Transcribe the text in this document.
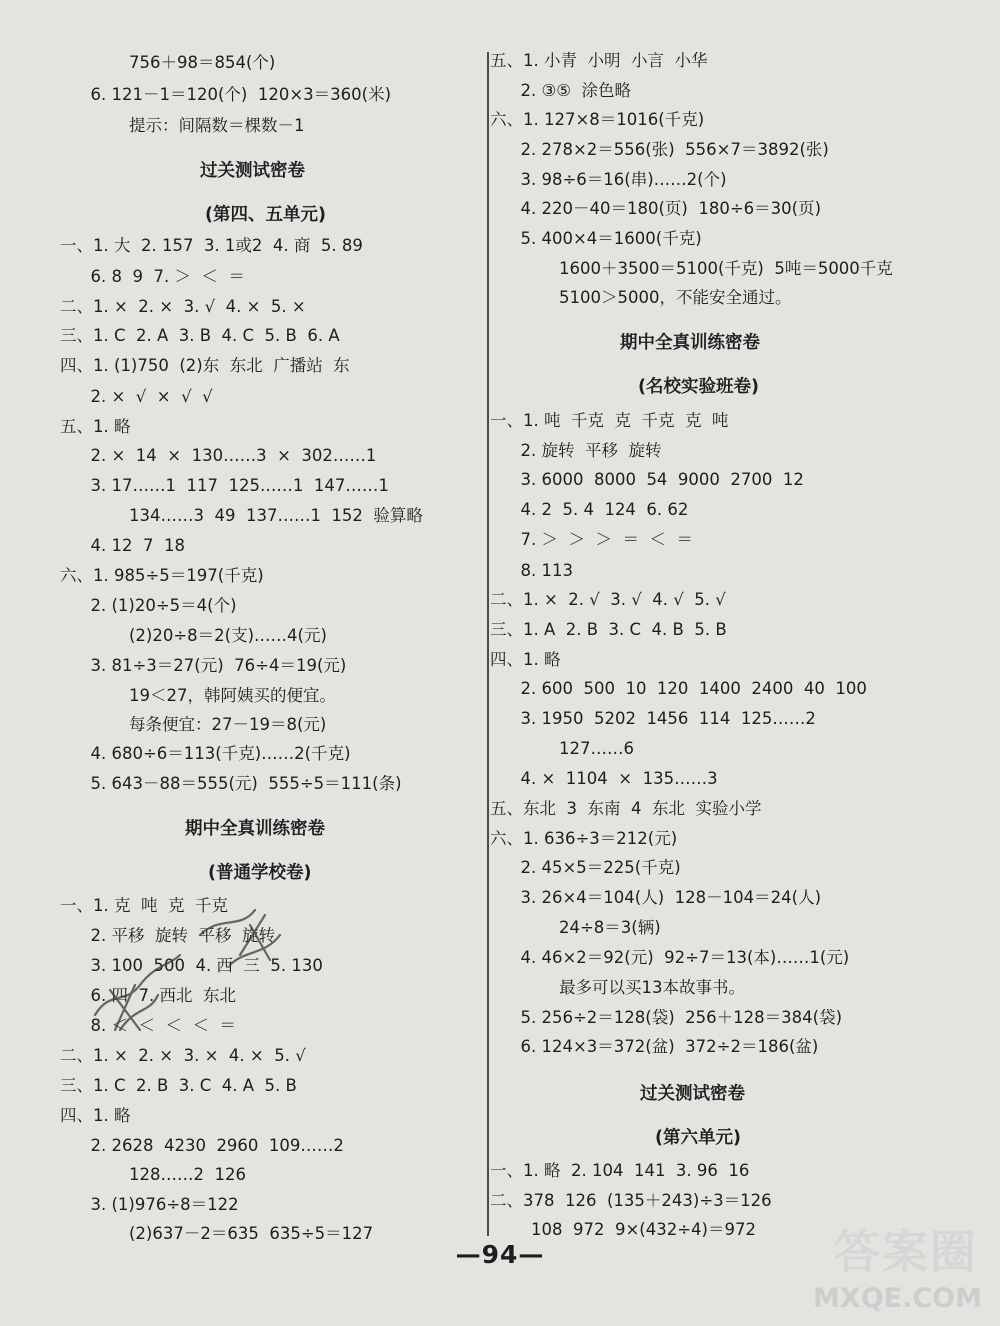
756＋98＝854(个)
6. 121－1＝120(个)  120×3＝360(米)
提示：间隔数＝棵数－1
过关测试密卷
(第四、五单元)
一、1. 大  2. 157  3. 1或2  4. 商  5. 89
6. 8  9  7. ＞  ＜  ＝
二、1. ×  2. ×  3. √  4. ×  5. ×
三、1. C  2. A  3. B  4. C  5. B  6. A
四、1. (1)750  (2)东  东北  广播站  东
2. ×  √  ×  √  √
五、1. 略
2. ×  14  ×  130……3  ×  302……1
3. 17……1  117  125……1  147……1
134……3  49  137……1  152  验算略
4. 12  7  18
六、1. 985÷5＝197(千克)
2. (1)20÷5＝4(个)
(2)20÷8＝2(支)……4(元)
3. 81÷3＝27(元)  76÷4＝19(元)
19＜27，韩阿姨买的便宜。
每条便宜：27－19＝8(元)
4. 680÷6＝113(千克)……2(千克)
5. 643－88＝555(元)  555÷5＝111(条)
期中全真训练密卷
(普通学校卷)
一、1. 克  吨  克  千克
2. 平移  旋转  平移  旋转
3. 100  500  4. 西  三  5. 130
6. 四  7. 西北  东北
8. ＜  ＜  ＜  ＜  ＝
二、1. ×  2. ×  3. ×  4. ×  5. √
三、1. C  2. B  3. C  4. A  5. B
四、1. 略
2. 2628  4230  2960  109……2
128……2  126
3. (1)976÷8＝122
(2)637－2＝635  635÷5＝127
五、1. 小青  小明  小言  小华
2. ③⑤  涂色略
六、1. 127×8＝1016(千克)
2. 278×2＝556(张)  556×7＝3892(张)
3. 98÷6＝16(串)……2(个)
4. 220－40＝180(页)  180÷6＝30(页)
5. 400×4＝1600(千克)
1600＋3500＝5100(千克)  5吨＝5000千克
5100＞5000，不能安全通过。
期中全真训练密卷
(名校实验班卷)
一、1. 吨  千克  克  千克  克  吨
2. 旋转  平移  旋转
3. 6000  8000  54  9000  2700  12
4. 2  5. 4  124  6. 62
7. ＞  ＞  ＞  ＝  ＜  ＝
8. 113
二、1. ×  2. √  3. √  4. √  5. √
三、1. A  2. B  3. C  4. B  5. B
四、1. 略
2. 600  500  10  120  1400  2400  40  100
3. 1950  5202  1456  114  125……2
127……6
4. ×  1104  ×  135……3
五、东北  3  东南  4  东北  实验小学
六、1. 636÷3＝212(元)
2. 45×5＝225(千克)
3. 26×4＝104(人)  128－104＝24(人)
24÷8＝3(辆)
4. 46×2＝92(元)  92÷7＝13(本)……1(元)
最多可以买13本故事书。
5. 256÷2＝128(袋)  256＋128＝384(袋)
6. 124×3＝372(盆)  372÷2＝186(盆)
过关测试密卷
(第六单元)
一、1. 略  2. 104  141  3. 96  16
二、378  126  (135＋243)÷3＝126
108  972  9×(432÷4)＝972
—94—	答案圈
MXQE.COM
